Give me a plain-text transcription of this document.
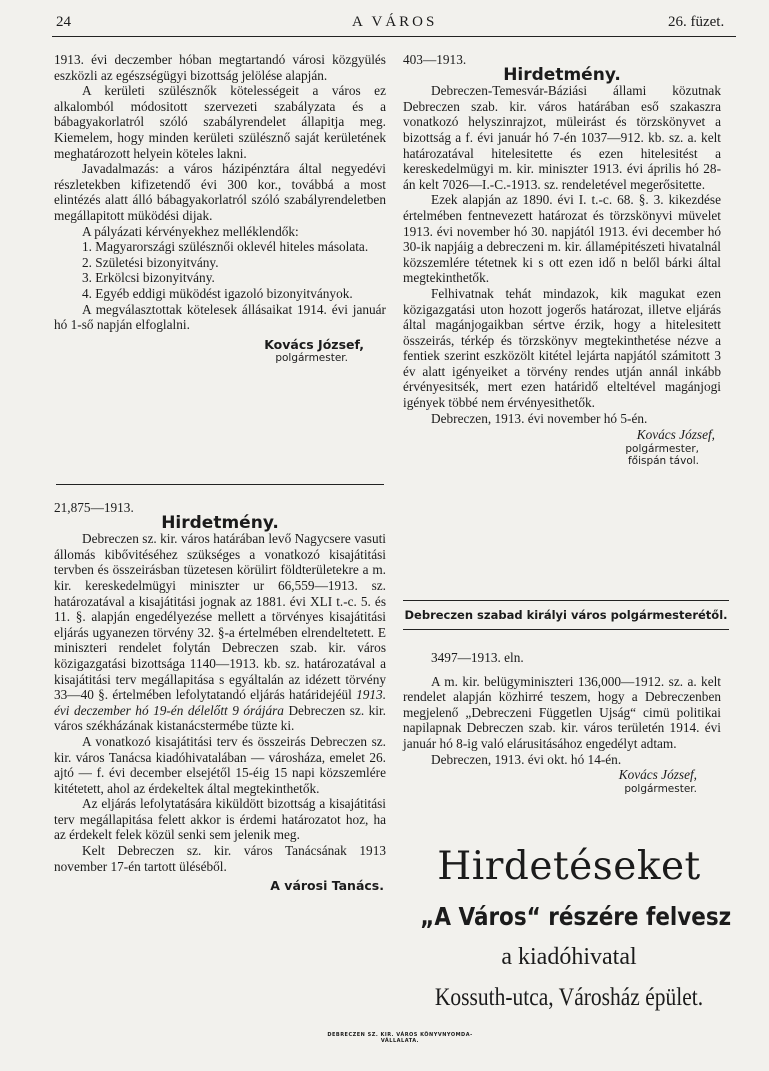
24	A VÁROS	26. füzet.

1913. évi deczember hóban megtartandó városi közgyülés eszközli az egészségügyi bizottság jelölése alapján.

A kerületi szülésznők kötelességeit a város ez alkalomból módositott szervezeti szabályzata és a bábagyakorlatról szóló szabályrendelet állapitja meg. Kiemelem, hogy minden kerületi szülésznő saját kerületének meghatározott helyein köteles lakni.

Javadalmazás: a város házipénztára által negyedévi részletekben kifizetendő évi 300 kor., továbbá a most elintézés alatt álló bábagyakorlatról szóló szabályrendeletben megállapitott müködési dijak.

A pályázati kérvényekhez melléklendők:

1. Magyarországi szülésznői oklevél hiteles másolata.

2. Születési bizonyitvány.

3. Erkölcsi bizonyitvány.

4. Egyéb eddigi müködést igazoló bizonyitványok.

A megválasztottak kötelesek állásaikat 1914. évi január hó 1-ső napján elfoglalni.

Kovács József,

polgármester.

21,875—1913.

Hirdetmény.

Debreczen sz. kir. város határában levő Nagycsere vasuti állomás kibővitéséhez szükséges a vonatkozó kisajátitási tervben és összeirásban tüzetesen körülirt földterületekre a m. kir. kereskedelmügyi miniszter ur 66,559—1913. sz. határozatával a kisajátitási jognak az 1881. évi XLI t.-c. 5. és 11. §. alapján engedélyezése mellett a törvényes kisajátitási eljárás ugyanezen törvény 32. §-a értelmében elrendeltetett. E miniszteri rendelet folytán Debreczen szab. kir. város közigazgatási bizottsága 1140—1913. kb. sz. határozatával a kisajátitási terv megállapitása s egyáltalán az idézett törvény 33—40 §. értelmében lefolytatandó eljárás határidejéül 1913. évi deczember hó 19-én délelőtt 9 órájára Debreczen sz. kir. város székházának kistanácstermébe tüzte ki.

A vonatkozó kisajátitási terv és összeirás Debreczen sz. kir. város Tanácsa kiadóhivatalában — városháza, emelet 26. ajtó — f. évi december elsejétől 15-éig 15 napi közszemlére kitétetett, ahol az érdekeltek által megtekinthetők.

Az eljárás lefolytatására kiküldött bizottság a kisajátitási terv megállapitása felett akkor is érdemi határozatot hoz, ha az érdekelt felek közül senki sem jelenik meg.

Kelt Debreczen sz. kir. város Tanácsának 1913 november 17-én tartott üléséből.

A városi Tanács.

403—1913.

Hirdetmény.

Debreczen-Temesvár-Báziási állami közutnak Debreczen szab. kir. város határában eső szakaszra vonatkozó helyszinrajzot, müleirást és törzskönyvet a bizottság a f. évi január hó 7-én 1037—912. kb. sz. a. kelt határozatával hitelesitette és ezen hitelesitést a kereskedelmügyi m. kir. miniszter 1913. évi április hó 28-án kelt 7026—I.-C.-1913. sz. rendeletével megerősitette.

Ezek alapján az 1890. évi I. t.-c. 68. §. 3. kikezdése értelmében fentnevezett határozat és törzskönyvi müvelet 1913. évi november hó 30. napjától 1913. évi december hó 30-ik napjáig a debreczeni m. kir. államépitészeti hivatalnál közszemlére tétetnek ki s ott ezen idő n belől bárki által megtekinthetők.

Felhivatnak tehát mindazok, kik magukat ezen közigazgatási uton hozott jogerős határozat, illetve eljárás által magánjogaikban sértve érzik, hogy a hitelesitett összeirás, térkép és törzskönyv megtekinthetése nézve a fentiek szerint eszközölt kitétel lejárta napjától számitott 3 év alatt igényeiket a törvény rendes utján annál inkább érvényesitsék, mert ezen határidő elteltével magánjogi igények többé nem érvényesithetők.

Debreczen, 1913. évi november hó 5-én.

Kovács József,

polgármester,

főispán távol.

Debreczen szabad királyi város polgármesterétől.

3497—1913. eln.

A m. kir. belügyminiszteri 136,000—1912. sz. a. kelt rendelet alapján közhirré teszem, hogy a Debreczenben megjelenő „Debreczeni Független Ujság“ cimü politikai napilapnak Debreczen szab. kir. város területén 1914. évi január hó 8-ig való elárusitásához engedélyt adtam.

Debreczen, 1913. évi okt. hó 14-én.

Kovács József,

polgármester.

Hirdetéseket
„A Város“ részére felvesz
a kiadóhivatal
Kossuth-utca, Városház épület.
DEBRECZEN SZ. KIR. VÁROS KÖNYVNYOMDA-VÁLLALATA.
